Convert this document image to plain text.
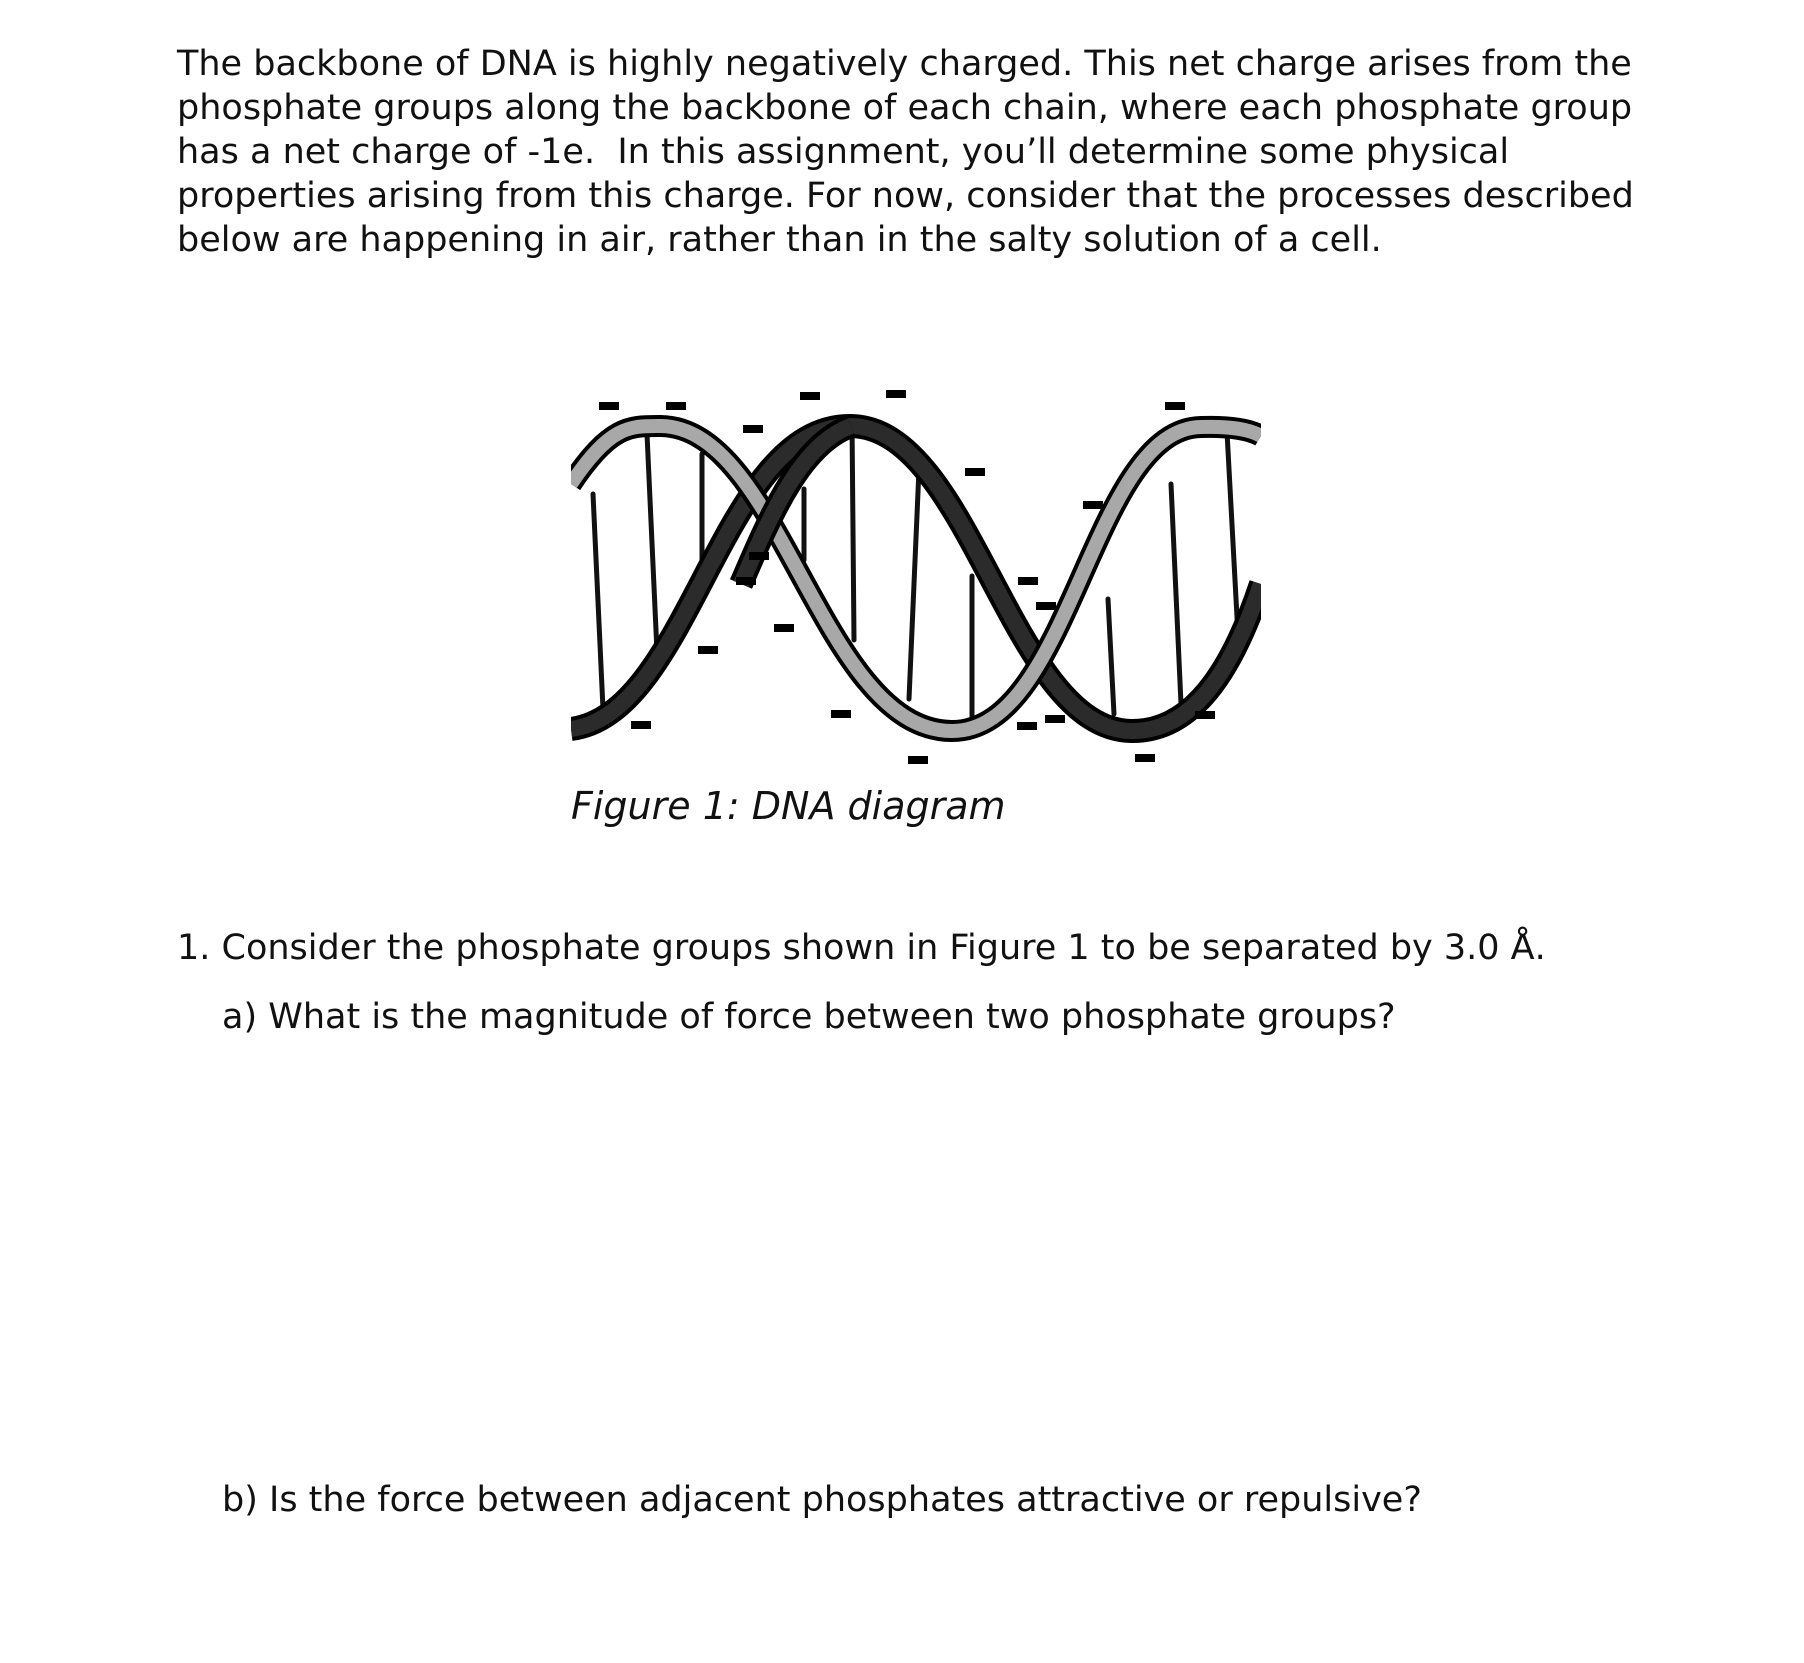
The backbone of DNA is highly negatively charged. This net charge arises from the
phosphate groups along the backbone of each chain, where each phosphate group
has a net charge of -1e.  In this assignment, you’ll determine some physical
properties arising from this charge. For now, consider that the processes described
below are happening in air, rather than in the salty solution of a cell.

Figure 1: DNA diagram

1. Consider the phosphate groups shown in Figure 1 to be separated by 3.0 Å.

a) What is the magnitude of force between two phosphate groups?

b) Is the force between adjacent phosphates attractive or repulsive?
